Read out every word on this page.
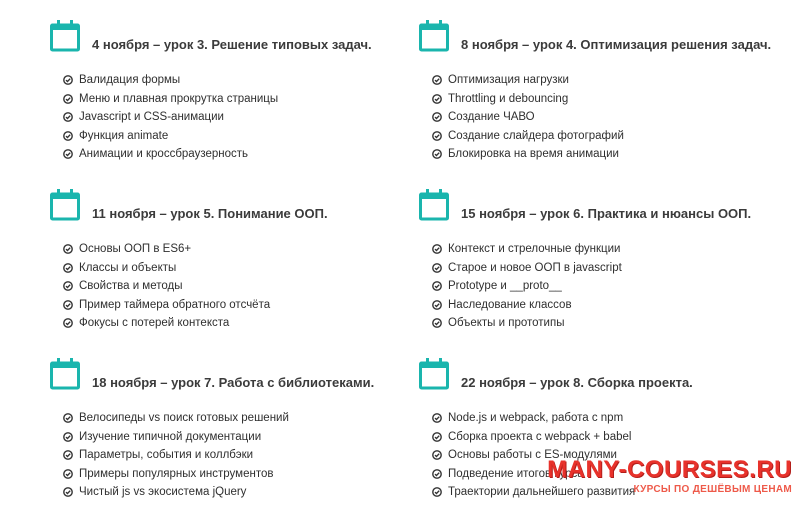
4 ноября – урок 3. Решение типовых задач.
Валидация формы
Меню и плавная прокрутка страницы
Javascript и CSS-анимации
Функция animate
Анимации и кроссбраузерность
8 ноября – урок 4. Оптимизация решения задач.
Оптимизация нагрузки
Throttling и debouncing
Создание ЧАВО
Создание слайдера фотографий
Блокировка на время анимации
11 ноября – урок 5. Понимание ООП.
Основы ООП в ES6+
Классы и объекты
Свойства и методы
Пример таймера обратного отсчёта
Фокусы с потерей контекста
15 ноября – урок 6. Практика и нюансы ООП.
Контекст и стрелочные функции
Старое и новое ООП в javascript
Prototype и __proto__
Наследование классов
Объекты и прототипы
18 ноября – урок 7. Работа с библиотеками.
Велосипеды vs поиск готовых решений
Изучение типичной документации
Параметры, события и коллбэки
Примеры популярных инструментов
Чистый js vs экосистема jQuery
22 ноября – урок 8. Сборка проекта.
Node.js и webpack, работа с npm
Сборка проекта с webpack + babel
Основы работы с ES-модулями
Подведение итогов курса
Траектории дальнейшего развития
MANY-COURSES.RU
КУРСЫ ПО ДЕШЁВЫМ ЦЕНАМ
